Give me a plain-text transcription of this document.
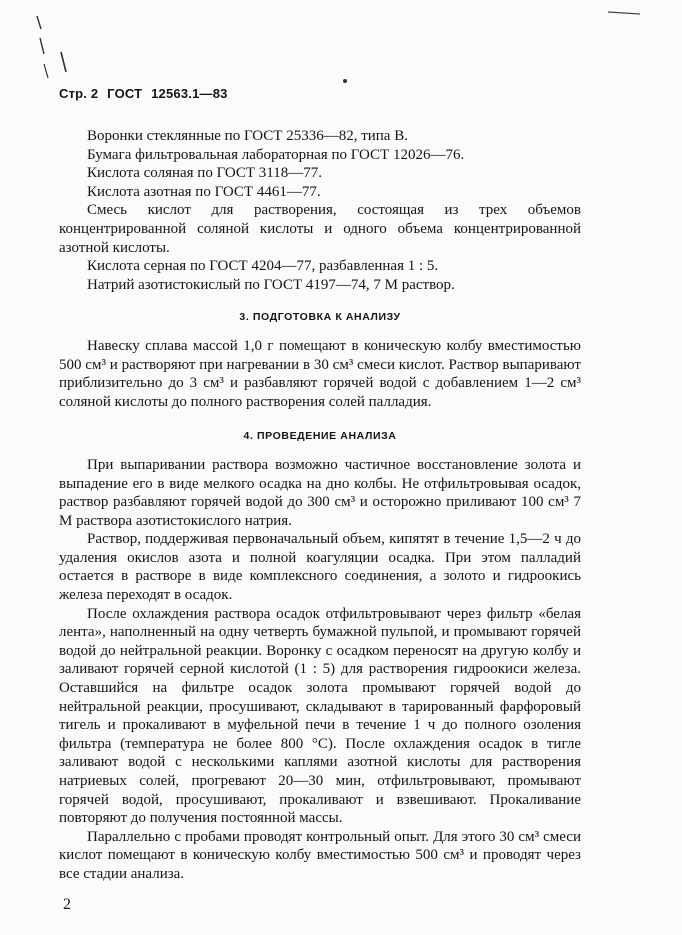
Стр. 2 ГОСТ 12563.1—83

Воронки стеклянные по ГОСТ 25336—82, типа В.

Бумага фильтровальная лабораторная по ГОСТ 12026—76.

Кислота соляная по ГОСТ 3118—77.

Кислота азотная по ГОСТ 4461—77.

Смесь кислот для растворения, состоящая из трех объемов концентрированной соляной кислоты и одного объема концентрированной азотной кислоты.

Кислота серная по ГОСТ 4204—77, разбавленная 1 : 5.

Натрий азотистокислый по ГОСТ 4197—74, 7 М раствор.

3. ПОДГОТОВКА К АНАЛИЗУ

Навеску сплава массой 1,0 г помещают в коническую колбу вместимостью 500 см³ и растворяют при нагревании в 30 см³ смеси кислот. Раствор выпаривают приблизительно до 3 см³ и разбавляют горячей водой с добавлением 1—2 см³ соляной кислоты до полного растворения солей палладия.

4. ПРОВЕДЕНИЕ АНАЛИЗА

При выпаривании раствора возможно частичное восстановление золота и выпадение его в виде мелкого осадка на дно колбы. Не отфильтровывая осадок, раствор разбавляют горячей водой до 300 см³ и осторожно приливают 100 см³ 7 М раствора азотистокислого натрия.

Раствор, поддерживая первоначальный объем, кипятят в течение 1,5—2 ч до удаления окислов азота и полной коагуляции осадка. При этом палладий остается в растворе в виде комплексного соединения, а золото и гидроокись железа переходят в осадок.

После охлаждения раствора осадок отфильтровывают через фильтр «белая лента», наполненный на одну четверть бумажной пульпой, и промывают горячей водой до нейтральной реакции. Воронку с осадком переносят на другую колбу и заливают горячей серной кислотой (1 : 5) для растворения гидроокиси железа. Оставшийся на фильтре осадок золота промывают горячей водой до нейтральной реакции, просушивают, складывают в тарированный фарфоровый тигель и прокаливают в муфельной печи в течение 1 ч до полного озоления фильтра (температура не более 800 °С). После охлаждения осадок в тигле заливают водой с несколькими каплями азотной кислоты для растворения натриевых солей, прогревают 20—30 мин, отфильтровывают, промывают горячей водой, просушивают, прокаливают и взвешивают. Прокаливание повторяют до получения постоянной массы.

Параллельно с пробами проводят контрольный опыт. Для этого 30 см³ смеси кислот помещают в коническую колбу вместимостью 500 см³ и проводят через все стадии анализа.

2
